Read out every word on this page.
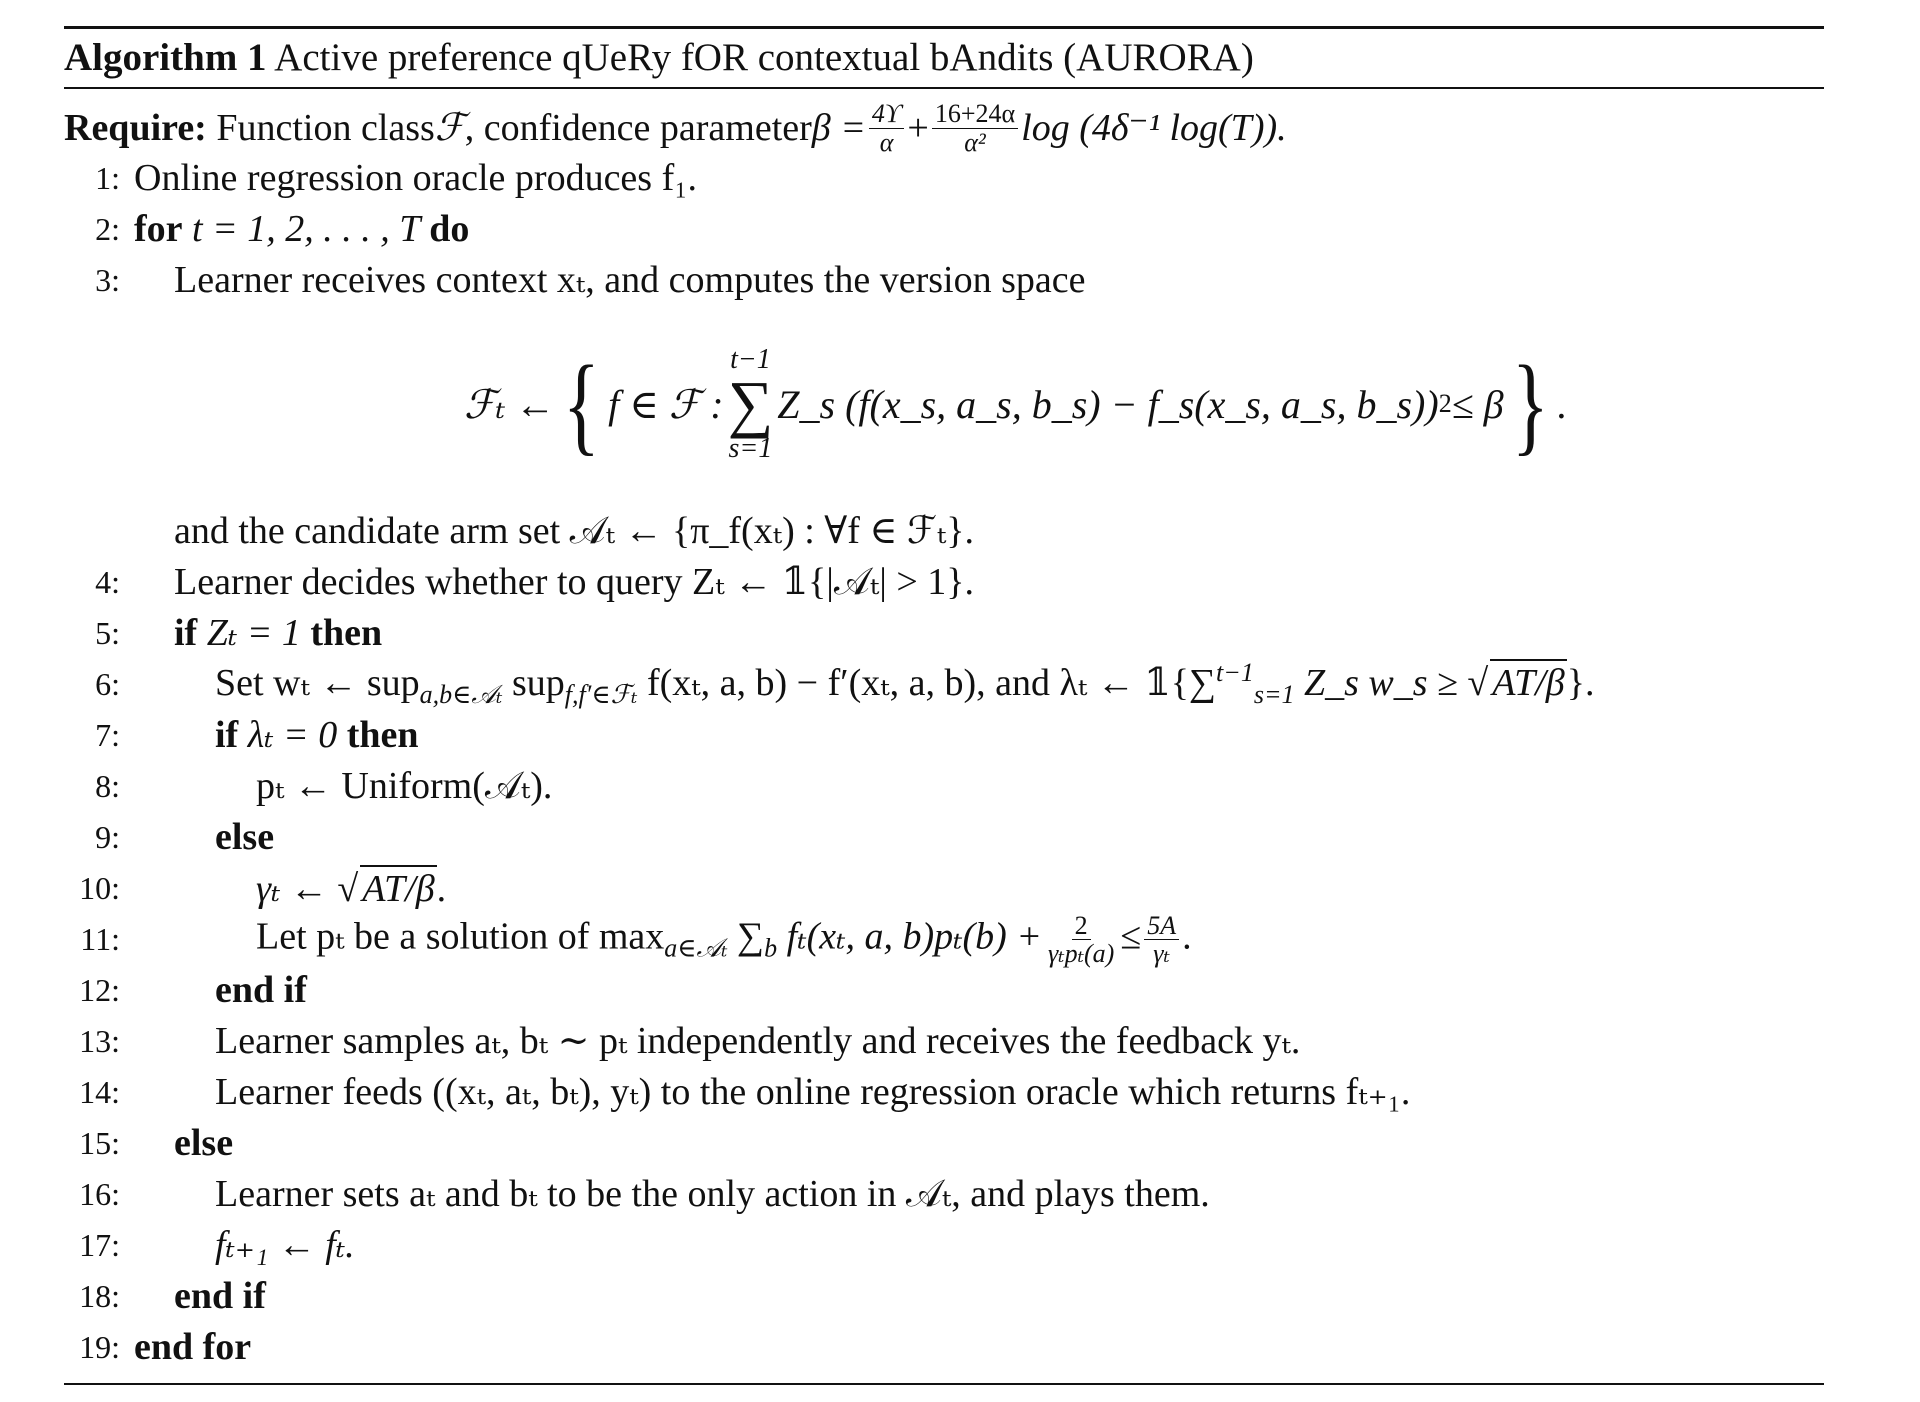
Algorithm 1 Active preference qUeRy fOR contextual bAndits (AURORA)
Require:
Function class ℱ , confidence parameter $\beta = \frac{4ϒ}{\alpha} + \frac{16+24\alpha}{\text{α²}}$ log (4δ⁻¹ log(T)).
1: Online regression oracle produces f₁.
2: for t = 1, 2, . . . , T do
3: Learner receives context xₜ, and computes the version space
ℱₜ ← { f ∈ ℱ :
t−1
∑
s=1
Z_s (f(x_s, a_s, b_s) − f_s(x_s, a_s, b_s)) 2 ≤ β } .
and the candidate arm set 𝒜ₜ ← {π_f(xₜ) : ∀f ∈ ℱₜ}.
4: Learner decides whether to query Zₜ ← 𝟙{|𝒜ₜ| > 1}.
5: if Zₜ = 1 then
6:	Set wₜ ← sup$_{a,b\in 𝒜_t}$ sup$_{f,f'\in ℱ_t}$ f(xₜ, a, b) − f′(xₜ, a, b), and λₜ ← 𝟙{∑$^{t-1}_{s=1}$ Z_s w_s ≥ √ AT/β}.
7:	if λₜ = 0 then
8:	pₜ ← Uniform(𝒜ₜ).
9:	else
10:	γₜ ← √ AT/β.
11:	Let pₜ be a solution of $\max_{a\in 𝒜_t} \sum_b$ fₜ(xₜ, a, $b)p_t(b) + \frac{2}{\text{γₜpₜ(a)}} \le \frac{5A}{\text{γₜ}}$ .
12:	end if
13:	Learner samples aₜ, bₜ ∼ pₜ independently and receives the feedback yₜ.
14:	Learner feeds ((xₜ, aₜ, bₜ), yₜ) to the online regression oracle which returns fₜ₊₁.
15: else
16:	Learner sets aₜ and bₜ to be the only action in 𝒜ₜ, and plays them.
17:	fₜ₊₁ ← fₜ.
18: end if
19: end for
